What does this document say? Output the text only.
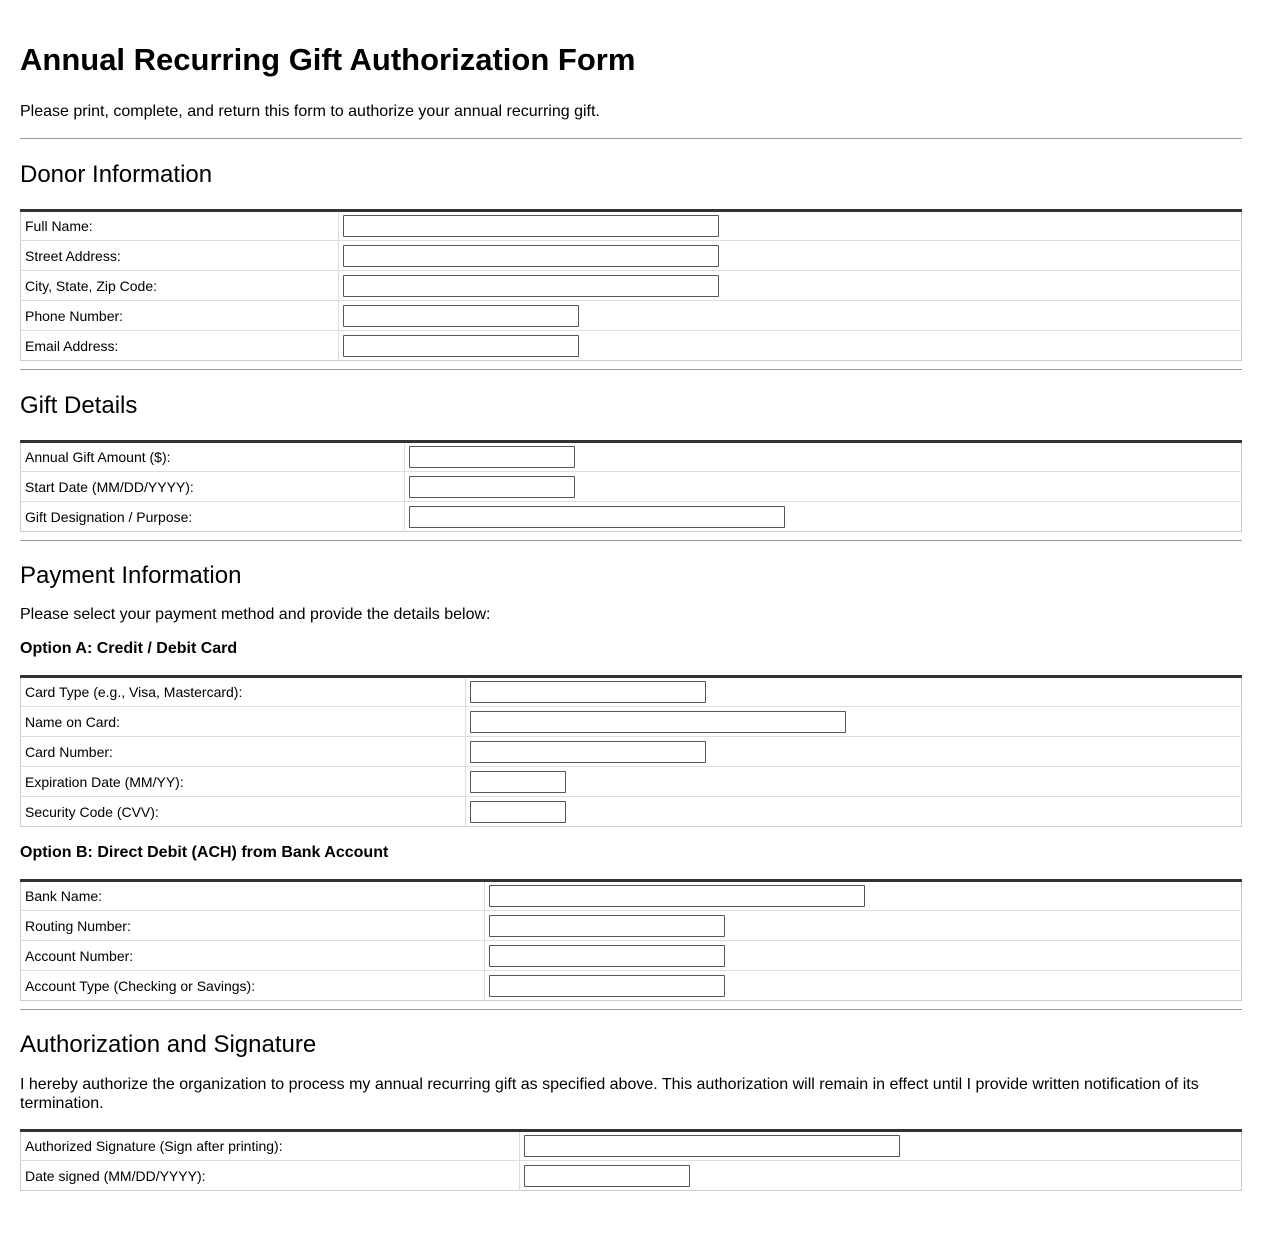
Annual Recurring Gift Authorization Form

Please print, complete, and return this form to authorize your annual recurring gift.

Donor Information
Full Name:	

Street Address:	

City, State, Zip Code:	

Phone Number:	

Email Address:	
Gift Details
Annual Gift Amount ($):	

Start Date (MM/DD/YYYY):	

Gift Designation / Purpose:	
Payment Information

Please select your payment method and provide the details below:

Option A: Credit / Debit Card

Card Type (e.g., Visa, Mastercard):	

Name on Card:	

Card Number:	

Expiration Date (MM/YY):	

Security Code (CVV):	

Option B: Direct Debit (ACH) from Bank Account

Bank Name:	

Routing Number:	

Account Number:	

Account Type (Checking or Savings):	
Authorization and Signature

I hereby authorize the organization to process my annual recurring gift as specified above. This authorization will remain in effect until I provide written notification of its termination.

Authorized Signature (Sign after printing):	

Date signed (MM/DD/YYYY):	
